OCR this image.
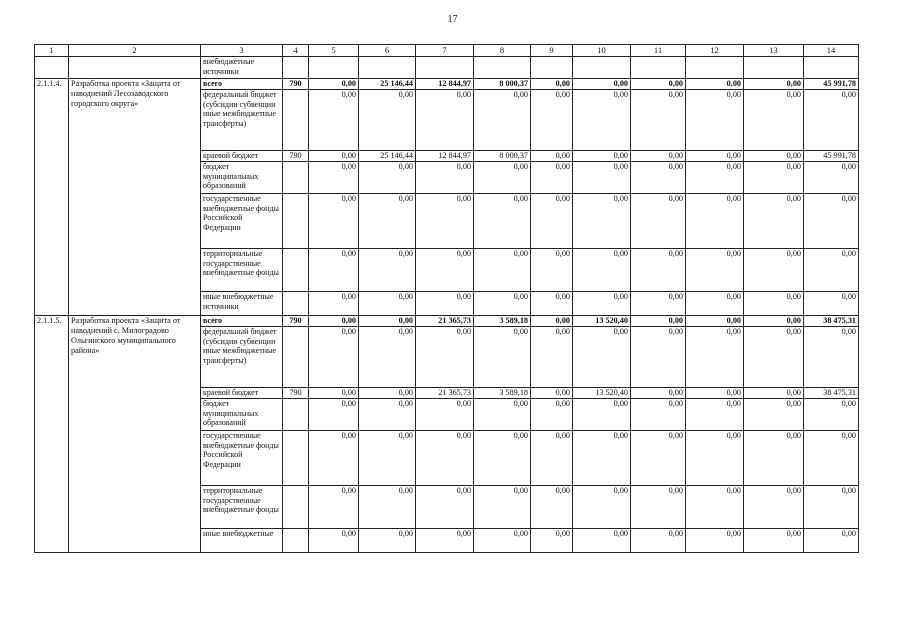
17
1	2	3	4	5	6	7	8	9	10	11	12	13	14
		внебюджетные источники											
2.1.1.4.	Разработка проекта «Защита от наводнений Лесозаводского городского округа»	всего	790	0,00	25 146,44	12 844,97	8 000,37	0,00	0,00	0,00	0,00	0,00	45 991,78
		федеральный бюджет (субсидии субвенции иные межбюджетные трансферты)		0,00	0,00	0,00	0,00	0,00	0,00	0,00	0,00	0,00	0,00
		краевой бюджет	790	0,00	25 146,44	12 844,97	8 000,37	0,00	0,00	0,00	0,00	0,00	45 991,78
		бюджет муниципальных образований		0,00	0,00	0,00	0,00	0,00	0,00	0,00	0,00	0,00	0,00
		государственные внебюджетные фонды Российской Федерации		0,00	0,00	0,00	0,00	0,00	0,00	0,00	0,00	0,00	0,00
		территориальные государственные внебюджетные фонды		0,00	0,00	0,00	0,00	0,00	0,00	0,00	0,00	0,00	0,00
		иные внебюджетные источники		0,00	0,00	0,00	0,00	0,00	0,00	0,00	0,00	0,00	0,00
2.1.1.5.	Разработка проекта «Защита от наводнений с. Милоградово Ольгинского муниципального района»	всего	790	0,00	0,00	21 365,73	3 589,18	0,00	13 520,40	0,00	0,00	0,00	38 475,31
		федеральный бюджет (субсидии субвенции иные межбюджетные трансферты)		0,00	0,00	0,00	0,00	0,00	0,00	0,00	0,00	0,00	0,00
		краевой бюджет	790	0,00	0,00	21 365,73	3 589,18	0,00	13 520,40	0,00	0,00	0,00	38 475,31
		бюджет муниципальных образований		0,00	0,00	0,00	0,00	0,00	0,00	0,00	0,00	0,00	0,00
		государственные внебюджетные фонды Российской Федерации		0,00	0,00	0,00	0,00	0,00	0,00	0,00	0,00	0,00	0,00
		территориальные государственные внебюджетные фонды		0,00	0,00	0,00	0,00	0,00	0,00	0,00	0,00	0,00	0,00
		иные внебюджетные		0,00	0,00	0,00	0,00	0,00	0,00	0,00	0,00	0,00	0,00
